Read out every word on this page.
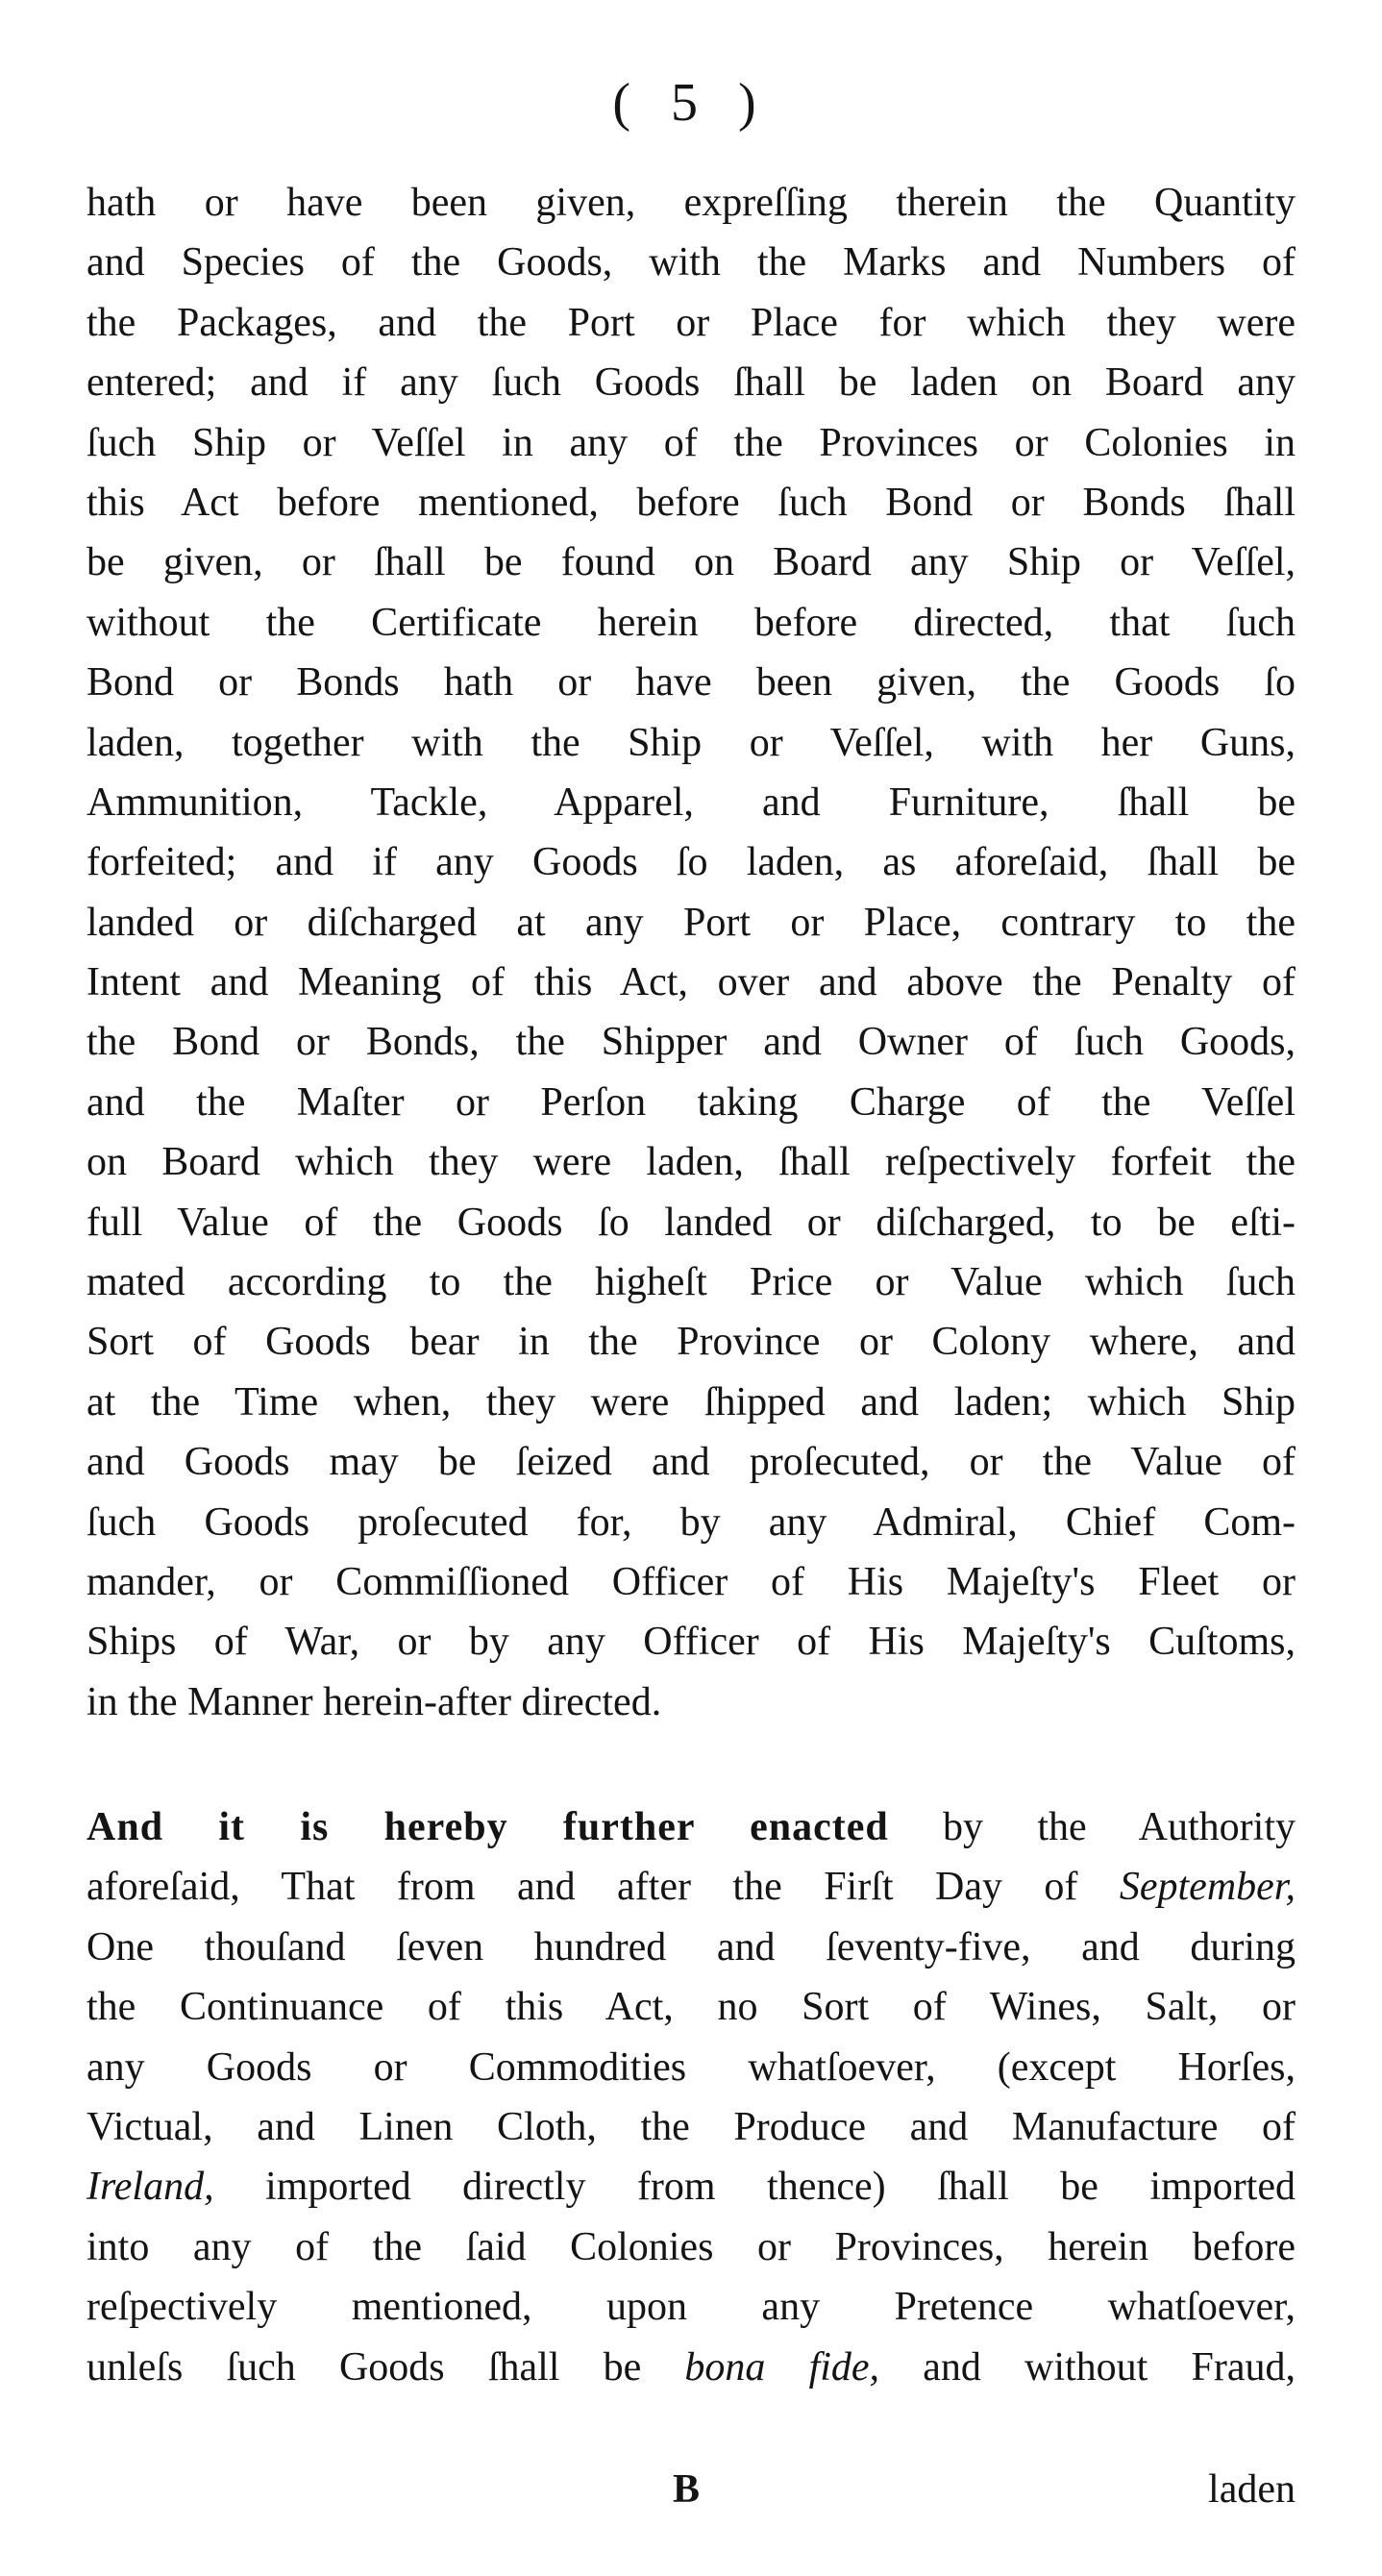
( 5 )
hath or have been given, expreſſing therein the Quantity
and Species of the Goods, with the Marks and Numbers of
the Packages, and the Port or Place for which they were
entered; and if any ſuch Goods ſhall be laden on Board any
ſuch Ship or Veſſel in any of the Provinces or Colonies in
this Act before mentioned, before ſuch Bond or Bonds ſhall
be given, or ſhall be found on Board any Ship or Veſſel,
without the Certificate herein before directed, that ſuch
Bond or Bonds hath or have been given, the Goods ſo
laden, together with the Ship or Veſſel, with her Guns,
Ammunition, Tackle, Apparel, and Furniture, ſhall be
forfeited; and if any Goods ſo laden, as aforeſaid, ſhall be
landed or diſcharged at any Port or Place, contrary to the
Intent and Meaning of this Act, over and above the Penalty of
the Bond or Bonds, the Shipper and Owner of ſuch Goods,
and the Maſter or Perſon taking Charge of the Veſſel
on Board which they were laden, ſhall reſpectively forfeit the
full Value of the Goods ſo landed or diſcharged, to be eſti-
mated according to the higheſt Price or Value which ſuch
Sort of Goods bear in the Province or Colony where, and
at the Time when, they were ſhipped and laden; which Ship
and Goods may be ſeized and proſecuted, or the Value of
ſuch Goods proſecuted for, by any Admiral, Chief Com-
mander, or Commiſſioned Officer of His Majeſty's Fleet or
Ships of War, or by any Officer of His Majeſty's Cuſtoms,
in the Manner herein-after directed.
And it is hereby further enacted by the Authority
aforeſaid, That from and after the Firſt Day of September,
One thouſand ſeven hundred and ſeventy-five, and during
the Continuance of this Act, no Sort of Wines, Salt, or
any Goods or Commodities whatſoever, (except Horſes,
Victual, and Linen Cloth, the Produce and Manufacture of
Ireland, imported directly from thence) ſhall be imported
into any of the ſaid Colonies or Provinces, herein before
reſpectively mentioned, upon any Pretence whatſoever,
unleſs ſuch Goods ſhall be bona fide, and without Fraud,
B	laden
